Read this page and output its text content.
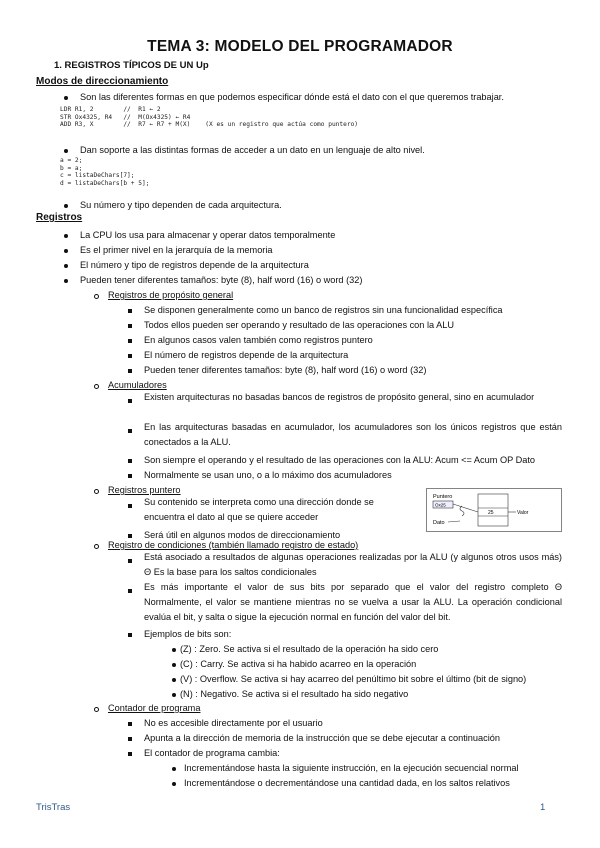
TEMA 3: MODELO DEL PROGRAMADOR
1. REGISTROS TÍPICOS DE UN Up
Modos de direccionamiento
Son las diferentes formas en que podemos especificar dónde está el dato con el que queremos trabajar.
LDR R1, 2        //  R1 ← 2
STR Ox4325, R4   //  M(Ox4325) ← R4
ADD R3, X        //  R7 ← R7 + M(X)    (X es un registro que actúa como puntero)
Dan soporte a las distintas formas de acceder a un dato en un lenguaje de alto nivel.
a = 2;
b = a;
c = listaDeChars[7];
d = listaDeChars[b + 5];
Su número y tipo dependen de cada arquitectura.
Registros
La CPU los usa para almacenar y operar datos temporalmente
Es el primer nivel en la jerarquía de la memoria
El número y tipo de registros depende de la arquitectura
Pueden tener diferentes tamaños: byte (8), half word (16) o word (32)
Registros de propósito general
Se disponen generalmente como un banco de registros sin una funcionalidad específica
Todos ellos pueden ser operando y resultado de las operaciones con la ALU
En algunos casos valen también como registros puntero
El número de registros depende de la arquitectura
Pueden tener diferentes tamaños: byte (8), half word (16) o word (32)
Acumuladores
Existen arquitecturas no basadas bancos de registros de propósito general, sino en acumulador
En las arquitecturas basadas en acumulador, los acumuladores son los únicos registros que están conectados a la ALU.
Son siempre el operando y el resultado de las operaciones con la ALU: Acum <= Acum OP Dato
Normalmente se usan uno, o a lo máximo dos acumuladores
Registros puntero
Su contenido se interpreta como una dirección donde se encuentra el dato al que se quiere acceder
Será útil en algunos modos de direccionamiento
Puntero
Ox25
25	Valor
Dato
Registro de condiciones (también llamado registro de estado)
Está asociado a resultados de algunas operaciones realizadas por la ALU (y algunos otros usos más) Θ Es la base para los saltos condicionales
Es más importante el valor de sus bits por separado que el valor del registro completo Θ Normalmente, el valor se mantiene mientras no se vuelva a usar la ALU. La operación condicional evalúa el bit, y salta o sigue la ejecución normal en función del valor del bit.
Ejemplos de bits son:
(Z) : Zero. Se activa si el resultado de la operación ha sido cero
(C) : Carry. Se activa si ha habido acarreo en la operación
(V) : Overflow. Se activa si hay acarreo del penúltimo bit sobre el último (bit de signo)
(N) : Negativo. Se activa si el resultado ha sido negativo
Contador de programa
No es accesible directamente por el usuario
Apunta a la dirección de memoria de la instrucción que se debe ejecutar a continuación
El contador de programa cambia:
Incrementándose hasta la siguiente instrucción, en la ejecución secuencial normal
Incrementándose o decrementándose una cantidad dada, en los saltos relativos
TrisTras	1
